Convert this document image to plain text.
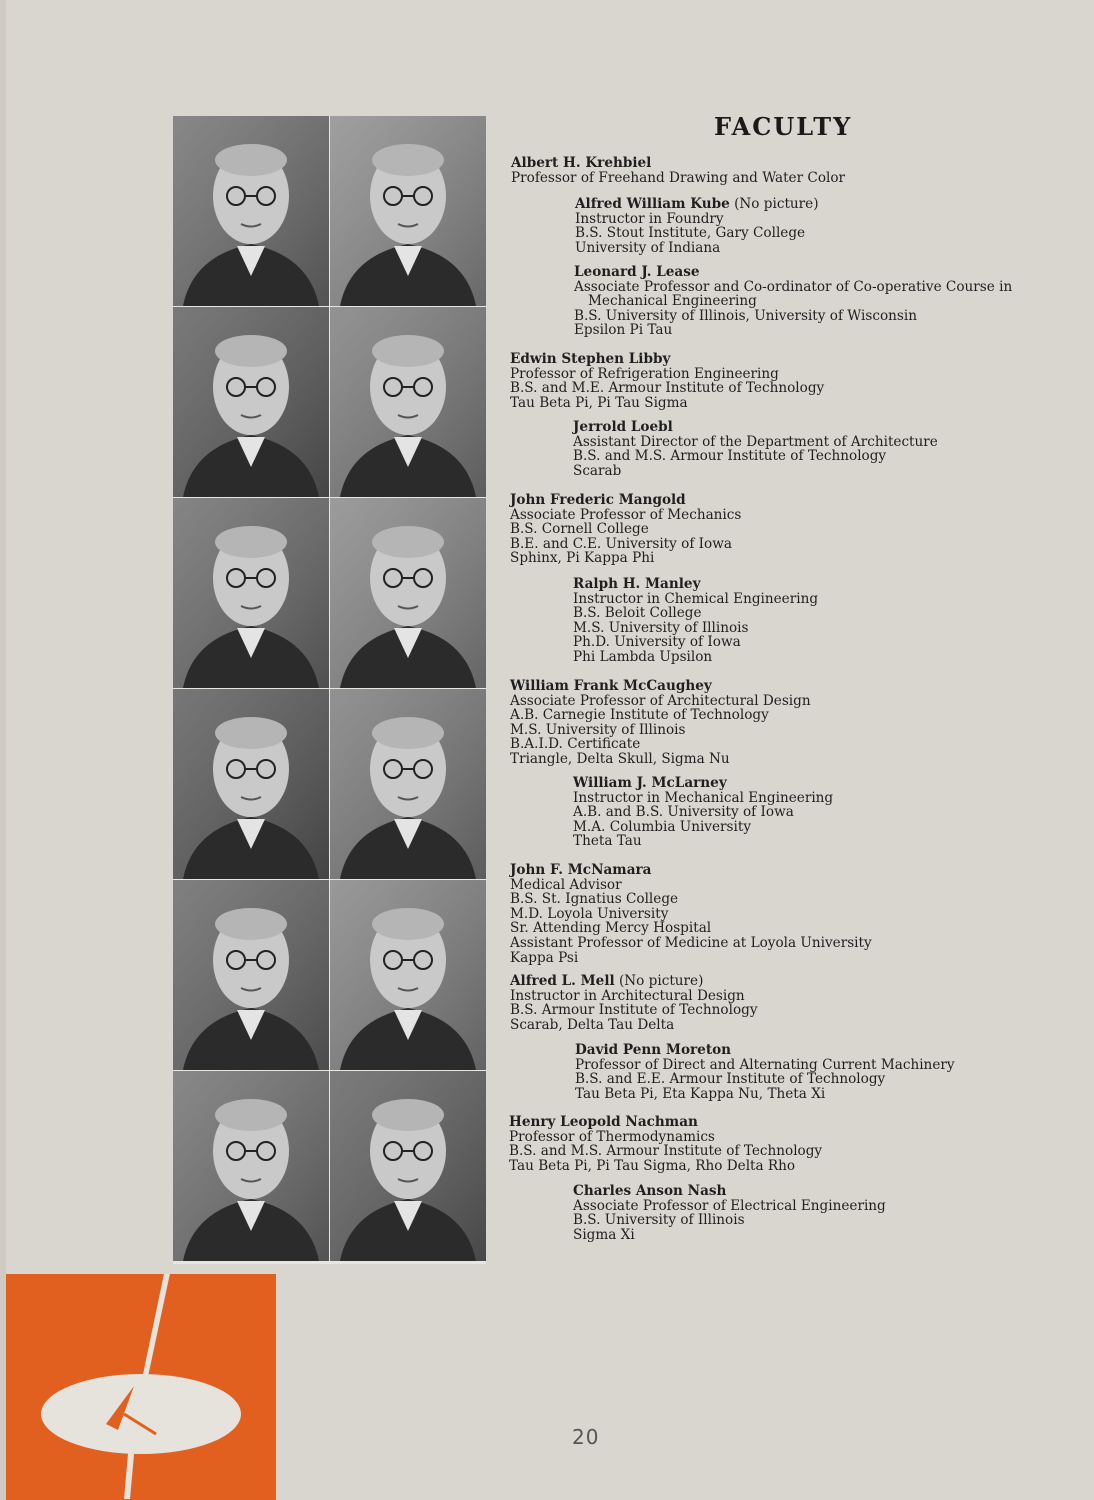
FACULTY
Albert H. Krehbiel
Professor of Freehand Drawing and Water Color
Alfred William Kube (No picture)
Instructor in Foundry
B.S. Stout Institute, Gary College
University of Indiana
Leonard J. Lease
Associate Professor and Co-ordinator of Co-operative Course in
Mechanical Engineering
B.S. University of Illinois, University of Wisconsin
Epsilon Pi Tau
Edwin Stephen Libby
Professor of Refrigeration Engineering
B.S. and M.E. Armour Institute of Technology
Tau Beta Pi, Pi Tau Sigma
Jerrold Loebl
Assistant Director of the Department of Architecture
B.S. and M.S. Armour Institute of Technology
Scarab
John Frederic Mangold
Associate Professor of Mechanics
B.S. Cornell College
B.E. and C.E. University of Iowa
Sphinx, Pi Kappa Phi
Ralph H. Manley
Instructor in Chemical Engineering
B.S. Beloit College
M.S. University of Illinois
Ph.D. University of Iowa
Phi Lambda Upsilon
William Frank McCaughey
Associate Professor of Architectural Design
A.B. Carnegie Institute of Technology
M.S. University of Illinois
B.A.I.D. Certificate
Triangle, Delta Skull, Sigma Nu
William J. McLarney
Instructor in Mechanical Engineering
A.B. and B.S. University of Iowa
M.A. Columbia University
Theta Tau
John F. McNamara
Medical Advisor
B.S. St. Ignatius College
M.D. Loyola University
Sr. Attending Mercy Hospital
Assistant Professor of Medicine at Loyola University
Kappa Psi
Alfred L. Mell (No picture)
Instructor in Architectural Design
B.S. Armour Institute of Technology
Scarab, Delta Tau Delta
David Penn Moreton
Professor of Direct and Alternating Current Machinery
B.S. and E.E. Armour Institute of Technology
Tau Beta Pi, Eta Kappa Nu, Theta Xi
Henry Leopold Nachman
Professor of Thermodynamics
B.S. and M.S. Armour Institute of Technology
Tau Beta Pi, Pi Tau Sigma, Rho Delta Rho
Charles Anson Nash
Associate Professor of Electrical Engineering
B.S. University of Illinois
Sigma Xi
20
